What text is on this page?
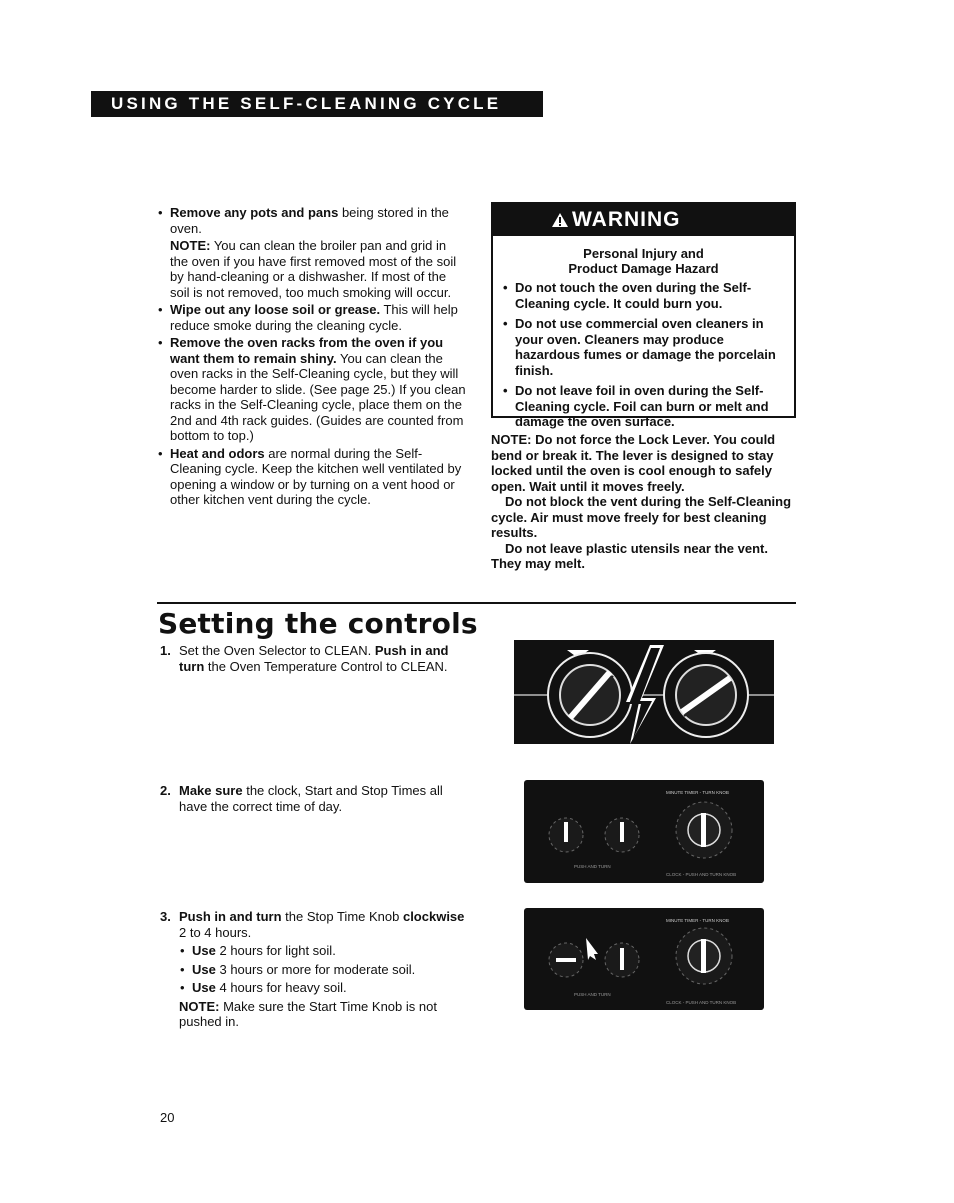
USING THE SELF-CLEANING CYCLE
• Remove any pots and pans being stored in the oven.
NOTE: You can clean the broiler pan and grid in the oven if you have first removed most of the soil by hand-cleaning or a dishwasher. If most of the soil is not removed, too much smoking will occur.
• Wipe out any loose soil or grease. This will help reduce smoke during the cleaning cycle.
• Remove the oven racks from the oven if you want them to remain shiny. You can clean the oven racks in the Self-Cleaning cycle, but they will become harder to slide. (See page 25.) If you clean racks in the Self-Cleaning cycle, place them on the 2nd and 4th rack guides. (Guides are counted from bottom to top.)
• Heat and odors are normal during the Self-Cleaning cycle. Keep the kitchen well ventilated by opening a window or by turning on a vent hood or other kitchen vent during the cycle.
WARNING
Personal Injury and
Product Damage Hazard
• Do not touch the oven during the Self-Cleaning cycle. It could burn you.
• Do not use commercial oven cleaners in your oven. Cleaners may produce hazardous fumes or damage the porcelain finish.
• Do not leave foil in oven during the Self-Cleaning cycle. Foil can burn or melt and damage the oven surface.
NOTE: Do not force the Lock Lever. You could bend or break it. The lever is designed to stay locked until the oven is cool enough to safely open. Wait until it moves freely.
Do not block the vent during the Self-Cleaning cycle. Air must move freely for best cleaning results.
Do not leave plastic utensils near the vent. They may melt.
Setting the controls
1. Set the Oven Selector to CLEAN. Push in and turn the Oven Temperature Control to CLEAN.
2. Make sure the clock, Start and Stop Times all have the correct time of day.
3. Push in and turn the Stop Time Knob clockwise 2 to 4 hours.
• Use 2 hours for light soil.
• Use 3 hours or more for moderate soil.
• Use 4 hours for heavy soil.
NOTE: Make sure the Start Time Knob is not pushed in.
MINUTE TIMER - TURN KNOB
PUSH AND TURN
CLOCK - PUSH AND TURN KNOB
MINUTE TIMER - TURN KNOB
PUSH AND TURN
CLOCK - PUSH AND TURN KNOB
20
